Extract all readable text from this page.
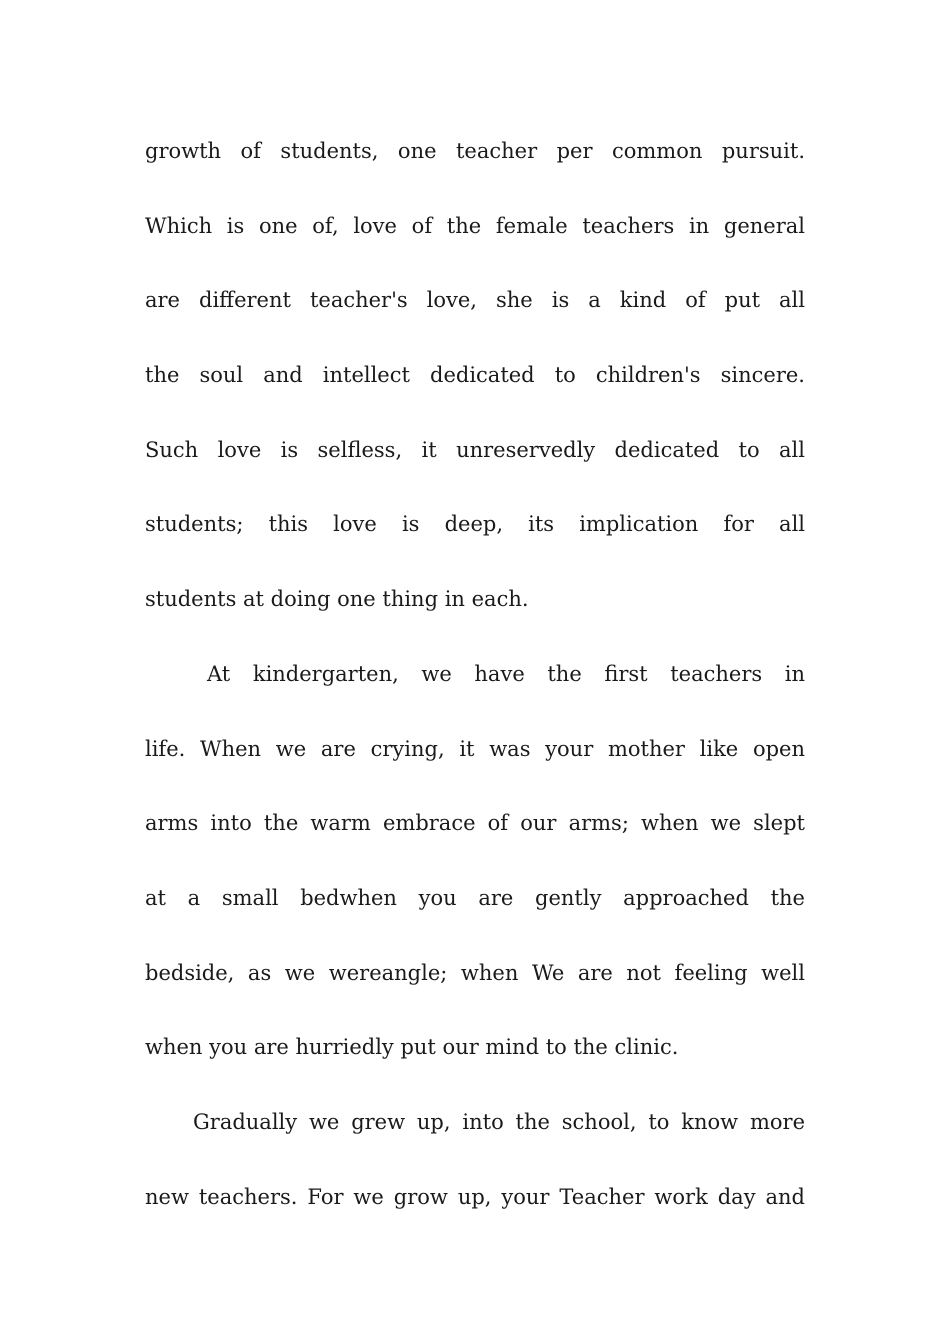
growth of students, one teacher per common pursuit.
Which is one of, love of the female teachers in general
are different teacher's love, she is a kind of put all
the soul and intellect dedicated to children's sincere.
Such love is selfless, it unreservedly dedicated to all
students; this love is deep, its implication for all
students at doing one thing in each.
At kindergarten, we have the first teachers in
life. When we are crying, it was your mother like open
arms into the warm embrace of our arms; when we slept
at a small bedwhen you are gently approached the
bedside, as we wereangle; when We are not feeling well
when you are hurriedly put our mind to the clinic.
Gradually we grew up, into the school, to know more
new teachers. For we grow up, your Teacher work day and
